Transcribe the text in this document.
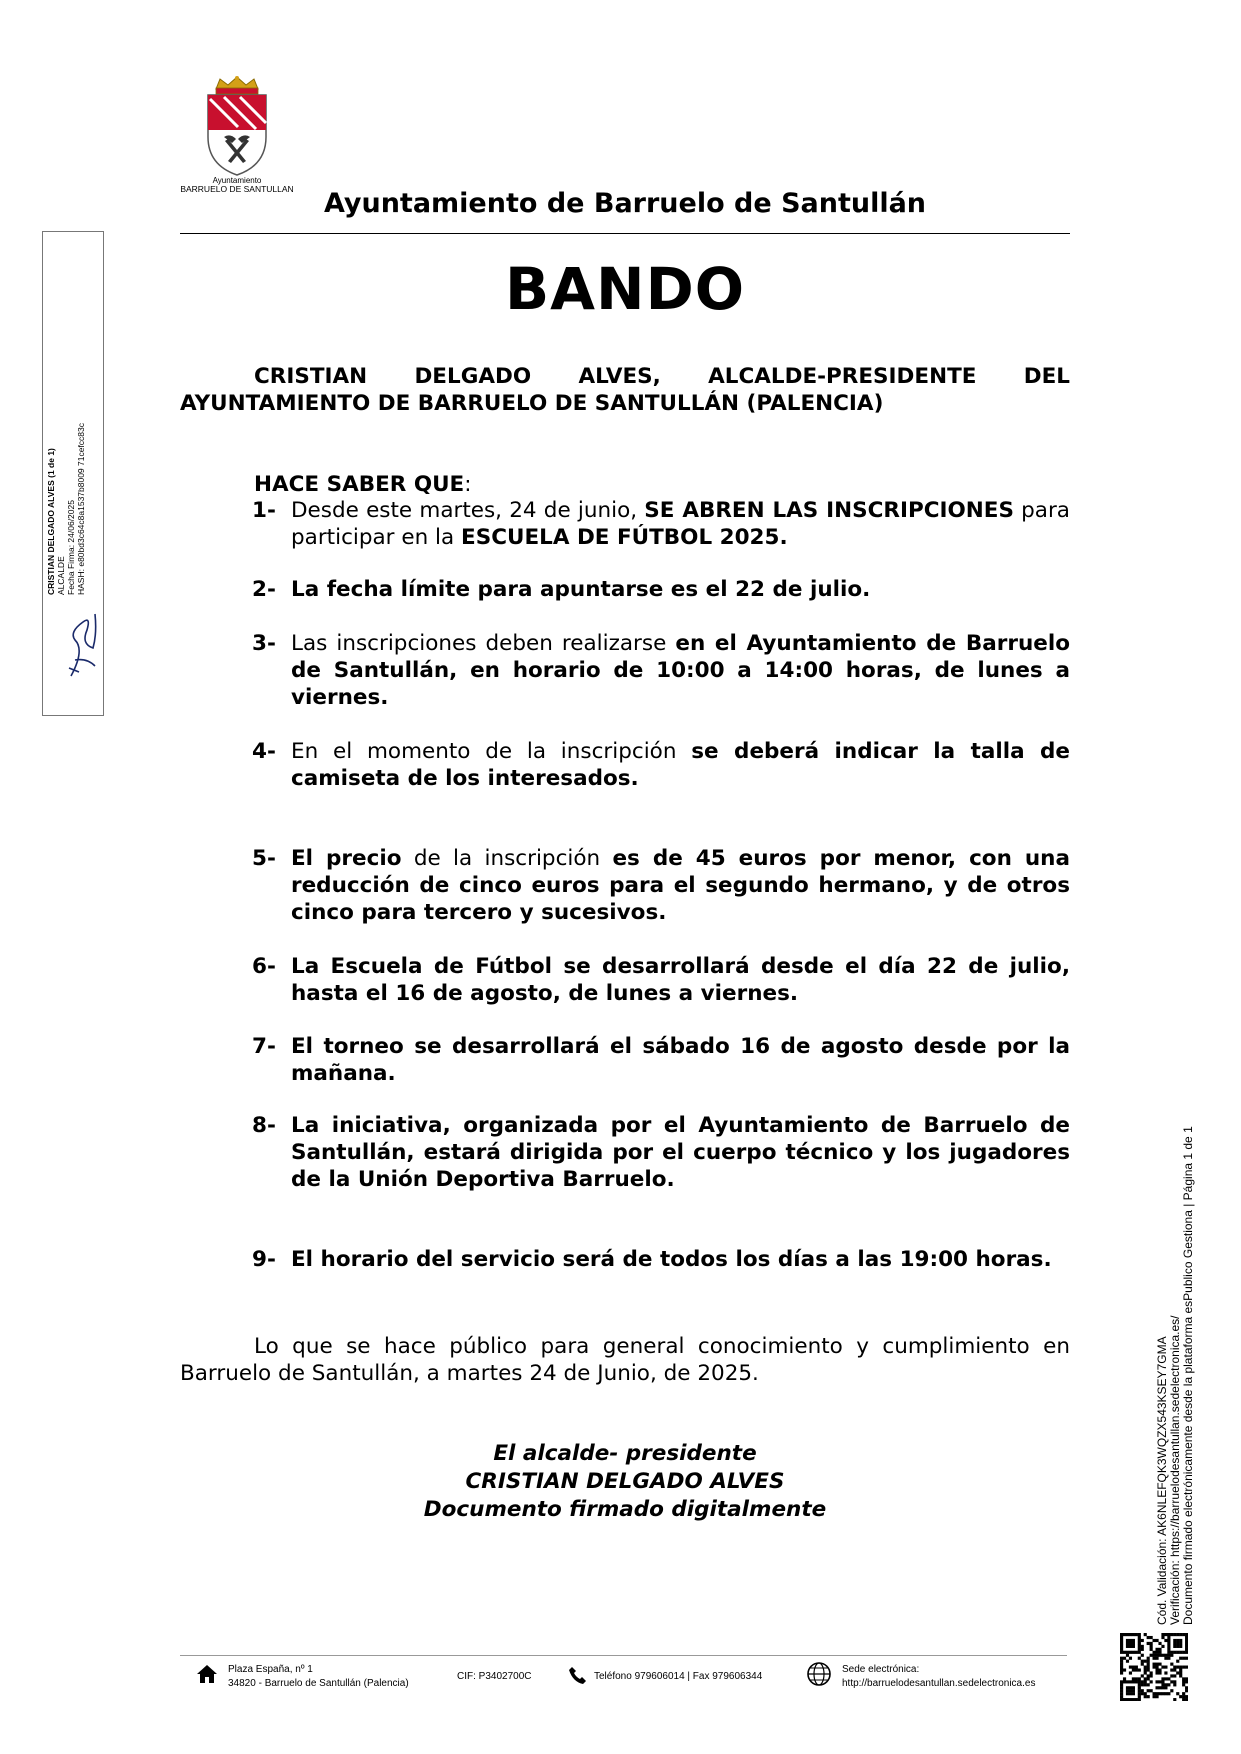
Ayuntamiento
BARRUELO DE SANTULLAN	Ayuntamiento de Barruelo de Santullán
BANDO
CRISTIAN DELGADO ALVES, ALCALDE-PRESIDENTE DEL AYUNTAMIENTO DE BARRUELO DE SANTULLÁN (PALENCIA)
HACE SABER QUE:
1- Desde este martes, 24 de junio, SE ABREN LAS INSCRIPCIONES para participar en la ESCUELA DE FÚTBOL 2025.
2- La fecha límite para apuntarse es el 22 de julio.
3- Las inscripciones deben realizarse en el Ayuntamiento de Barruelo de Santullán, en horario de 10:00 a 14:00 horas, de lunes a viernes.
4- En el momento de la inscripción se deberá indicar la talla de camiseta de los interesados.
5- El precio de la inscripción es de 45 euros por menor, con una reducción de cinco euros para el segundo hermano, y de otros cinco para tercero y sucesivos.
6- La Escuela de Fútbol se desarrollará desde el día 22 de julio, hasta el 16 de agosto, de lunes a viernes.
7- El torneo se desarrollará el sábado 16 de agosto desde por la mañana.
8- La iniciativa, organizada por el Ayuntamiento de Barruelo de Santullán, estará dirigida por el cuerpo técnico y los jugadores de la Unión Deportiva Barruelo.
9- El horario del servicio será de todos los días a las 19:00 horas.
Lo que se hace público para general conocimiento y cumplimiento en Barruelo de Santullán, a martes 24 de Junio, de 2025.
El alcalde- presidente
CRISTIAN DELGADO ALVES
Documento firmado digitalmente
CRISTIAN DELGADO ALVES (1 de 1) ALCALDE Fecha Firma: 24/06/2025 HASH: e80bd3c64c8a1537b8009 71cefcc83c
Cód. Validación: AK6NLEFQK3WQZX543KSEY7GMA Verificación: https://barruelodesantullan.sedelectronica.es/ Documento firmado electrónicamente desde la plataforma esPublico Gestiona | Página 1 de 1
Plaza España, nº 1
34820 - Barruelo de Santullán (Palencia)
CIF: P3402700C	Teléfono 979606014 | Fax 979606344
Sede electrónica:
http://barruelodesantullan.sedelectronica.es
